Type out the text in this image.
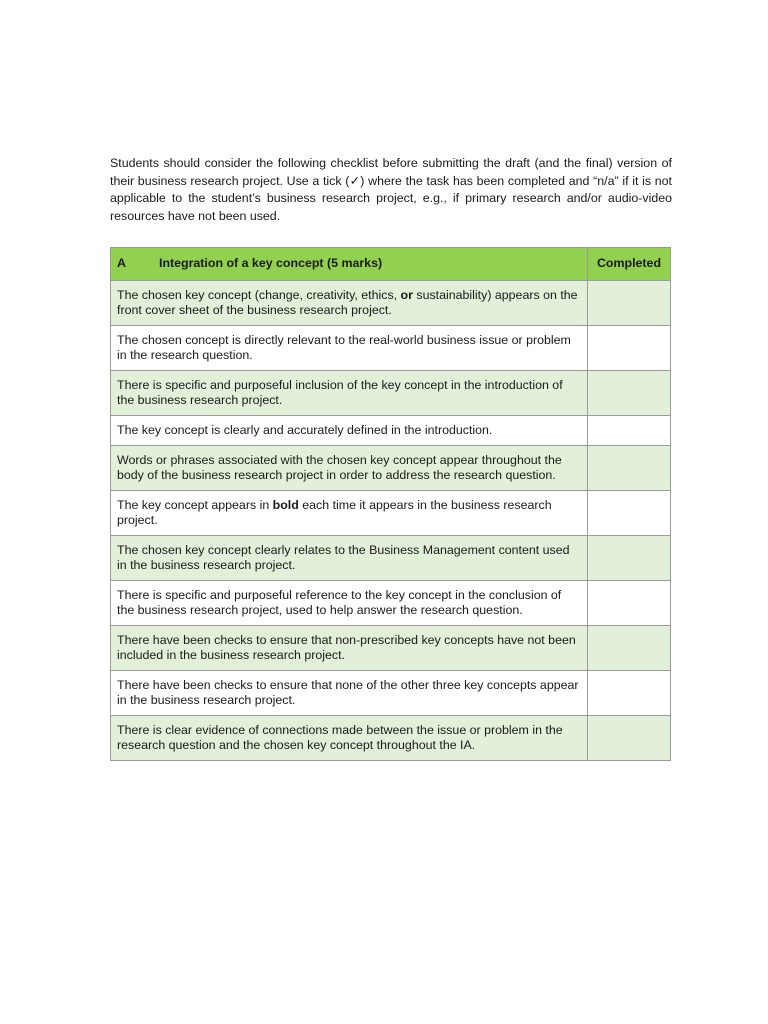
Students should consider the following checklist before submitting the draft (and the final) version of their business research project. Use a tick (✓) where the task has been completed and “n/a” if it is not applicable to the student’s business research project, e.g., if primary research and/or audio-video resources have not been used.

A Integration of a key concept (5 marks)	Completed
The chosen key concept (change, creativity, ethics, or sustainability) appears on the front cover sheet of the business research project.	
The chosen concept is directly relevant to the real-world business issue or problem in the research question.	
There is specific and purposeful inclusion of the key concept in the introduction of the business research project.	
The key concept is clearly and accurately defined in the introduction.	
Words or phrases associated with the chosen key concept appear throughout the body of the business research project in order to address the research question.	
The key concept appears in bold each time it appears in the business research project.	
The chosen key concept clearly relates to the Business Management content used in the business research project.	
There is specific and purposeful reference to the key concept in the conclusion of the business research project, used to help answer the research question.	
There have been checks to ensure that non-prescribed key concepts have not been included in the business research project.	
There have been checks to ensure that none of the other three key concepts appear in the business research project.	
There is clear evidence of connections made between the issue or problem in the research question and the chosen key concept throughout the IA.	
